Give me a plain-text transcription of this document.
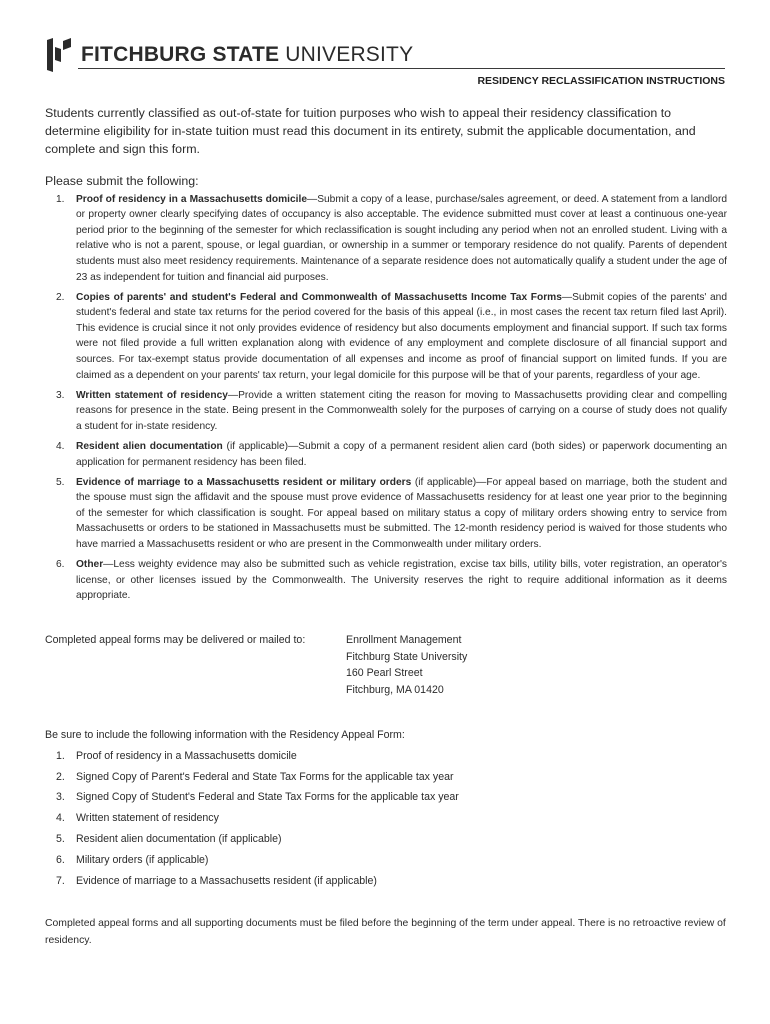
FITCHBURG STATE UNIVERSITY
RESIDENCY RECLASSIFICATION INSTRUCTIONS

Students currently classified as out-of-state for tuition purposes who wish to appeal their residency classification to determine eligibility for in-state tuition must read this document in its entirety, submit the applicable documentation, and complete and sign this form.

Please submit the following:
1. Proof of residency in a Massachusetts domicile—Submit a copy of a lease, purchase/sales agreement, or deed. A statement from a landlord or property owner clearly specifying dates of occupancy is also acceptable. The evidence submitted must cover at least a continuous one-year period prior to the beginning of the semester for which reclassification is sought including any period when not an enrolled student. Living with a relative who is not a parent, spouse, or legal guardian, or ownership in a summer or temporary residence do not qualify. Parents of dependent students must also meet residency requirements. Maintenance of a separate residence does not automatically qualify a student under the age of 23 as independent for tuition and financial aid purposes.
2. Copies of parents' and student's Federal and Commonwealth of Massachusetts Income Tax Forms—Submit copies of the parents' and student's federal and state tax returns for the period covered for the basis of this appeal (i.e., in most cases the recent tax return filed last April). This evidence is crucial since it not only provides evidence of residency but also documents employment and financial support. If such tax forms were not filed provide a full written explanation along with evidence of any employment and complete disclosure of all financial support and sources. For tax-exempt status provide documentation of all expenses and income as proof of financial support on limited funds. If you are claimed as a dependent on your parents' tax return, your legal domicile for this purpose will be that of your parents, regardless of your age.
3. Written statement of residency—Provide a written statement citing the reason for moving to Massachusetts providing clear and compelling reasons for presence in the state. Being present in the Commonwealth solely for the purposes of carrying on a course of study does not qualify a student for in-state residency.
4. Resident alien documentation (if applicable)—Submit a copy of a permanent resident alien card (both sides) or paperwork documenting an application for permanent residency has been filed.
5. Evidence of marriage to a Massachusetts resident or military orders (if applicable)—For appeal based on marriage, both the student and the spouse must sign the affidavit and the spouse must prove evidence of Massachusetts residency for at least one year prior to the beginning of the semester for which classification is sought. For appeal based on military status a copy of military orders showing entry to service from Massachusetts or orders to be stationed in Massachusetts must be submitted. The 12-month residency period is waived for those students who have married a Massachusetts resident or who are present in the Commonwealth under military orders.
6. Other—Less weighty evidence may also be submitted such as vehicle registration, excise tax bills, utility bills, voter registration, an operator's license, or other licenses issued by the Commonwealth. The University reserves the right to require additional information as it deems appropriate.
Completed appeal forms may be delivered or mailed to:	Enrollment Management
Fitchburg State University
160 Pearl Street
Fitchburg, MA 01420
Be sure to include the following information with the Residency Appeal Form:
1. Proof of residency in a Massachusetts domicile
2. Signed Copy of Parent's Federal and State Tax Forms for the applicable tax year
3. Signed Copy of Student's Federal and State Tax Forms for the applicable tax year
4. Written statement of residency
5. Resident alien documentation (if applicable)
6. Military orders (if applicable)
7. Evidence of marriage to a Massachusetts resident (if applicable)
Completed appeal forms and all supporting documents must be filed before the beginning of the term under appeal. There is no retroactive review of residency.
